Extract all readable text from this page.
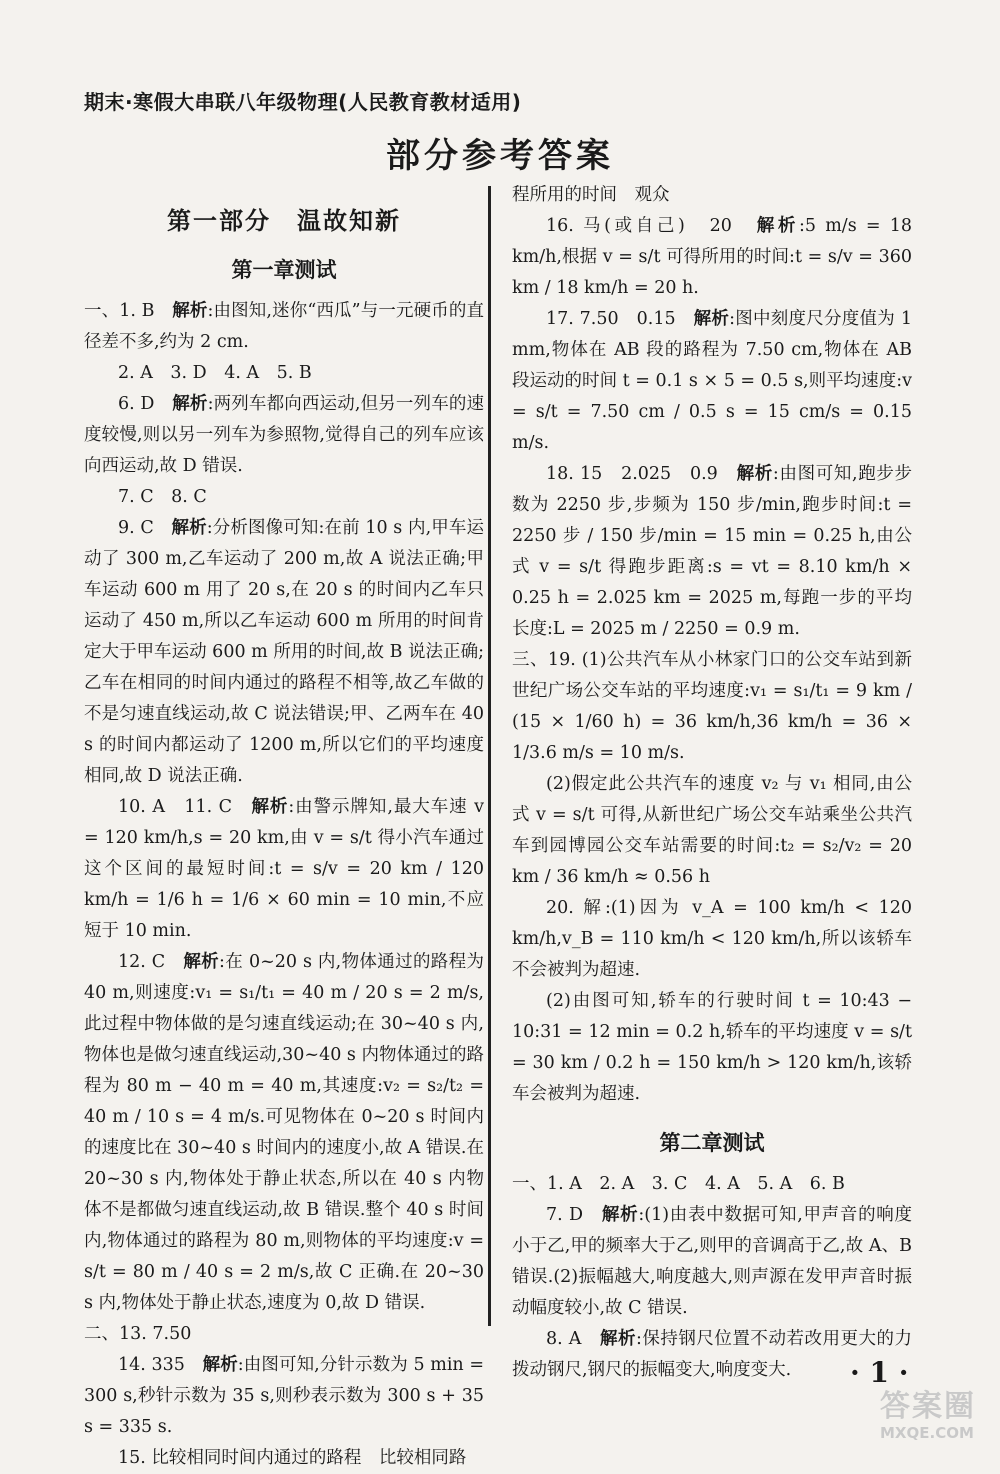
期末·寒假大串联八年级物理(人民教育教材适用)
部分参考答案
第一部分　温故知新
第一章测试

一、1. B　解析:由图知,迷你“西瓜”与一元硬币的直径差不多,约为 2 cm.

2. A　3. D　4. A　5. B

6. D　解析:两列车都向西运动,但另一列车的速度较慢,则以另一列车为参照物,觉得自己的列车应该向西运动,故 D 错误.

7. C　8. C

9. C　解析:分析图像可知:在前 10 s 内,甲车运动了 300 m,乙车运动了 200 m,故 A 说法正确;甲车运动 600 m 用了 20 s,在 20 s 的时间内乙车只运动了 450 m,所以乙车运动 600 m 所用的时间肯定大于甲车运动 600 m 所用的时间,故 B 说法正确;乙车在相同的时间内通过的路程不相等,故乙车做的不是匀速直线运动,故 C 说法错误;甲、乙两车在 40 s 的时间内都运动了 1200 m,所以它们的平均速度相同,故 D 说法正确.

10. A　11. C　解析:由警示牌知,最大车速 v = 120 km/h,s = 20 km,由 v = s/t 得小汽车通过这个区间的最短时间:t = s/v = 20 km / 120 km/h = 1/6 h = 1/6 × 60 min = 10 min,不应短于 10 min.

12. C　解析:在 0~20 s 内,物体通过的路程为 40 m,则速度:v₁ = s₁/t₁ = 40 m / 20 s = 2 m/s,此过程中物体做的是匀速直线运动;在 30~40 s 内,物体也是做匀速直线运动,30~40 s 内物体通过的路程为 80 m − 40 m = 40 m,其速度:v₂ = s₂/t₂ = 40 m / 10 s = 4 m/s.可见物体在 0~20 s 时间内的速度比在 30~40 s 时间内的速度小,故 A 错误.在 20~30 s 内,物体处于静止状态,所以在 40 s 内物体不是都做匀速直线运动,故 B 错误.整个 40 s 时间内,物体通过的路程为 80 m,则物体的平均速度:v = s/t = 80 m / 40 s = 2 m/s,故 C 正确.在 20~30 s 内,物体处于静止状态,速度为 0,故 D 错误.

二、13. 7.50

14. 335　解析:由图可知,分针示数为 5 min = 300 s,秒针示数为 35 s,则秒表示数为 300 s + 35 s = 335 s.

15. 比较相同时间内通过的路程　比较相同路

程所用的时间　观众

16. 马(或自己)　20　解析:5 m/s = 18 km/h,根据 v = s/t 可得所用的时间:t = s/v = 360 km / 18 km/h = 20 h.

17. 7.50　0.15　解析:图中刻度尺分度值为 1 mm,物体在 AB 段的路程为 7.50 cm,物体在 AB 段运动的时间 t = 0.1 s × 5 = 0.5 s,则平均速度:v = s/t = 7.50 cm / 0.5 s = 15 cm/s = 0.15 m/s.

18. 15　2.025　0.9　解析:由图可知,跑步步数为 2250 步,步频为 150 步/min,跑步时间:t = 2250 步 / 150 步/min = 15 min = 0.25 h,由公式 v = s/t 得跑步距离:s = vt = 8.10 km/h × 0.25 h = 2.025 km = 2025 m,每跑一步的平均长度:L = 2025 m / 2250 = 0.9 m.

三、19. (1)公共汽车从小林家门口的公交车站到新世纪广场公交车站的平均速度:v₁ = s₁/t₁ = 9 km / (15 × 1/60 h) = 36 km/h,36 km/h = 36 × 1/3.6 m/s = 10 m/s.

(2)假定此公共汽车的速度 v₂ 与 v₁ 相同,由公式 v = s/t 可得,从新世纪广场公交车站乘坐公共汽车到园博园公交车站需要的时间:t₂ = s₂/v₂ = 20 km / 36 km/h ≈ 0.56 h

20. 解:(1)因为 v_A = 100 km/h < 120 km/h,v_B = 110 km/h < 120 km/h,所以该轿车不会被判为超速.

(2)由图可知,轿车的行驶时间 t = 10:43 − 10:31 = 12 min = 0.2 h,轿车的平均速度 v = s/t = 30 km / 0.2 h = 150 km/h > 120 km/h,该轿车会被判为超速.

第二章测试

一、1. A　2. A　3. C　4. A　5. A　6. B

7. D　解析:(1)由表中数据可知,甲声音的响度小于乙,甲的频率大于乙,则甲的音调高于乙,故 A、B 错误.(2)振幅越大,响度越大,则声源在发甲声音时振动幅度较小,故 C 错误.

8. A　解析:保持钢尺位置不动若改用更大的力拨动钢尺,钢尺的振幅变大,响度变大.	· 1 ·
答案圈
MXQE.COM
